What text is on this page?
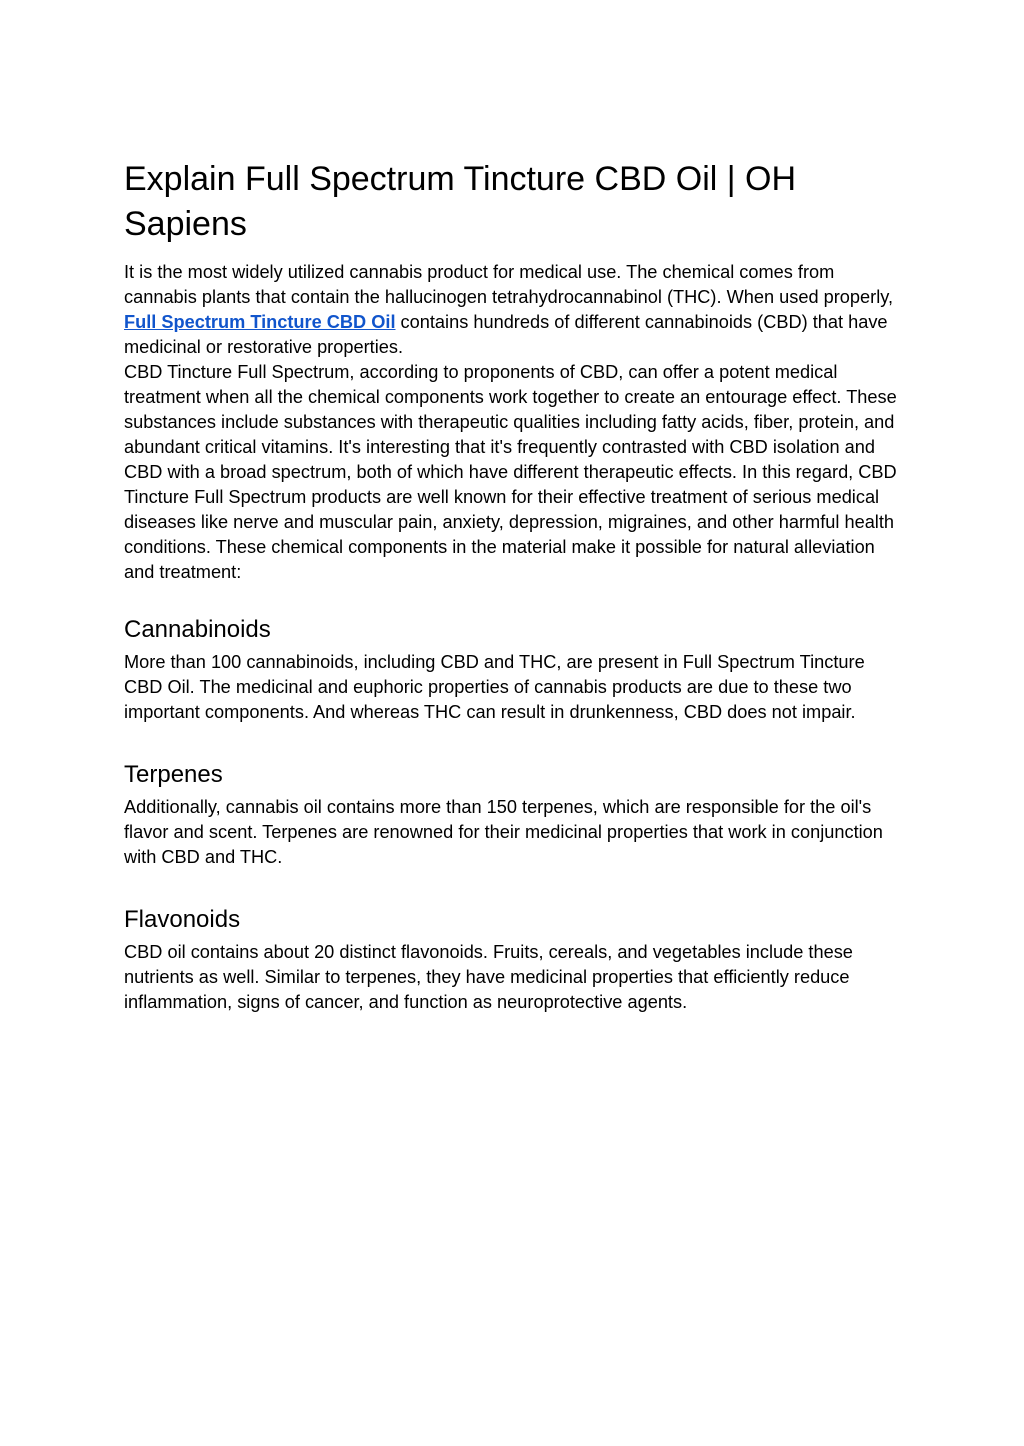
Explain Full Spectrum Tincture CBD Oil | OH Sapiens

It is the most widely utilized cannabis product for medical use. The chemical comes from cannabis plants that contain the hallucinogen tetrahydrocannabinol (THC). When used properly, Full Spectrum Tincture CBD Oil contains hundreds of different cannabinoids (CBD) that have medicinal or restorative properties.

CBD Tincture Full Spectrum, according to proponents of CBD, can offer a potent medical treatment when all the chemical components work together to create an entourage effect. These substances include substances with therapeutic qualities including fatty acids, fiber, protein, and abundant critical vitamins. It's interesting that it's frequently contrasted with CBD isolation and CBD with a broad spectrum, both of which have different therapeutic effects. In this regard, CBD Tincture Full Spectrum products are well known for their effective treatment of serious medical diseases like nerve and muscular pain, anxiety, depression, migraines, and other harmful health conditions. These chemical components in the material make it possible for natural alleviation and treatment:

Cannabinoids

More than 100 cannabinoids, including CBD and THC, are present in Full Spectrum Tincture CBD Oil. The medicinal and euphoric properties of cannabis products are due to these two important components. And whereas THC can result in drunkenness, CBD does not impair.

Terpenes

Additionally, cannabis oil contains more than 150 terpenes, which are responsible for the oil's flavor and scent. Terpenes are renowned for their medicinal properties that work in conjunction with CBD and THC.

Flavonoids

CBD oil contains about 20 distinct flavonoids. Fruits, cereals, and vegetables include these nutrients as well. Similar to terpenes, they have medicinal properties that efficiently reduce inflammation, signs of cancer, and function as neuroprotective agents.
